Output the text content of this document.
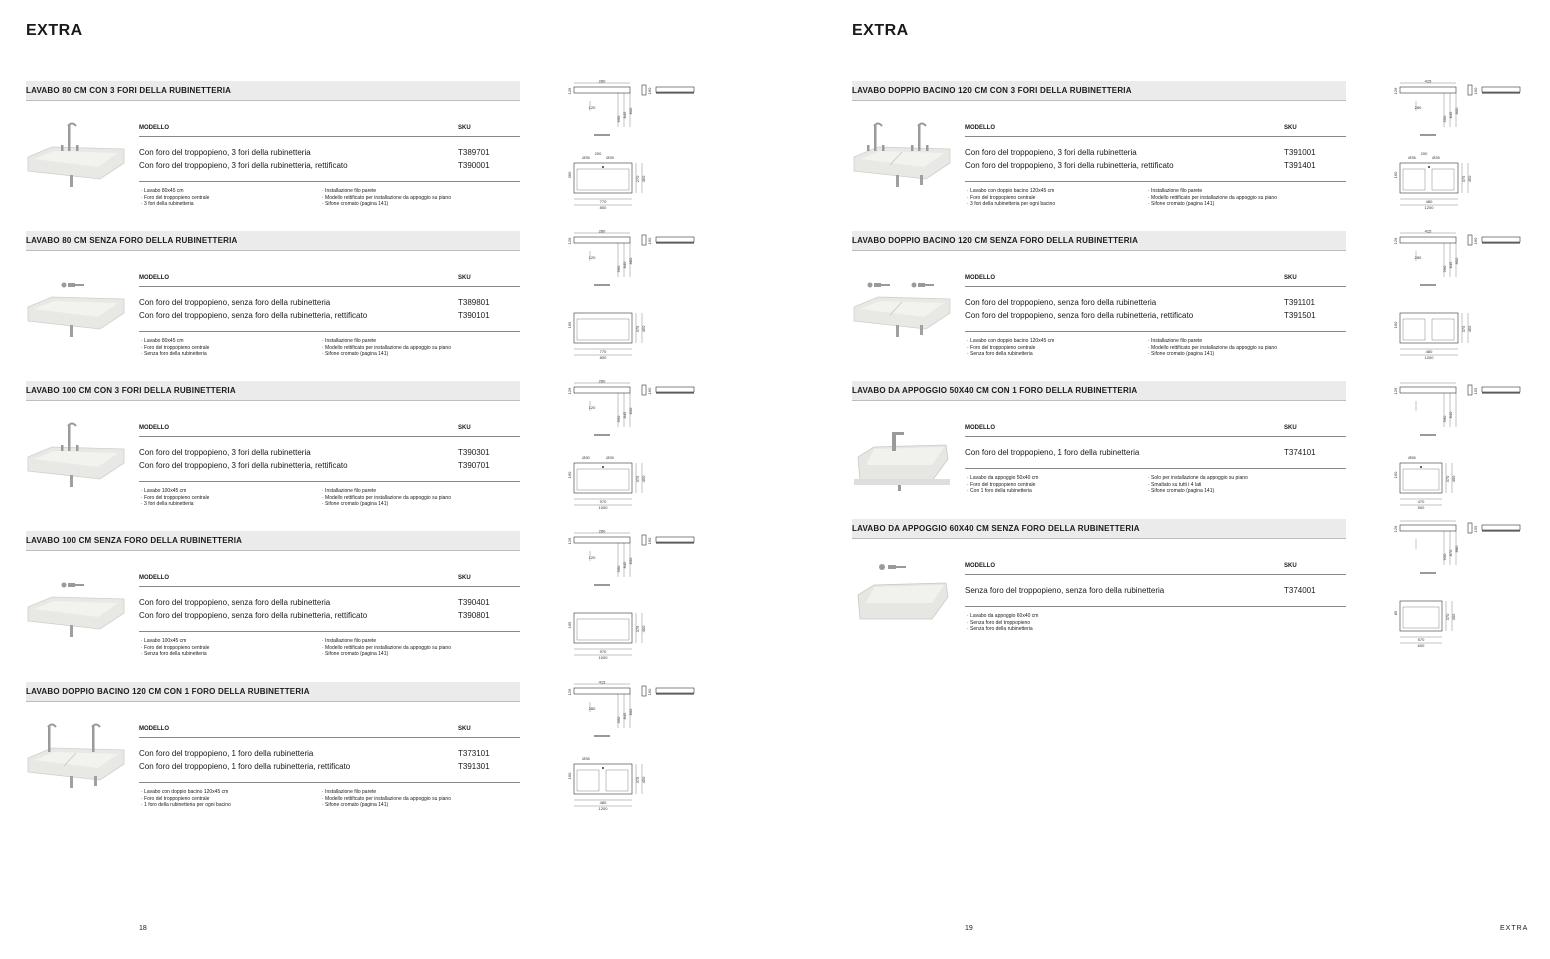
EXTRA
18
LAVABO 80 CM CON 3 FORI DELLA RUBINETTERIA
MODELLO	SKU
Con foro del troppopieno, 3 fori della rubinetteria	T389701
Con foro del troppopieno, 3 fori della rubinetteria, rettificato	T390001
· Lavabo 80x45 cm
· Foro del troppopieno centrale
· 3 fori della rubinetteria
· Installazione filo parete
· Modello rettificato per installazione da appoggio su piano
· Sifone cromato (pagina 141)
280
126
120
690
845
800
160
Ø35	Ø39
200
770
800
270 450
360
LAVABO 80 CM SENZA FORO DELLA RUBINETTERIA
MODELLO	SKU
Con foro del troppopieno, senza foro della rubinetteria	T389801
Con foro del troppopieno, senza foro della rubinetteria, rettificato	T390101
· Lavabo 80x45 cm
· Foro del troppopieno centrale
· Senza foro della rubinetteria
· Installazione filo parete
· Modello rettificato per installazione da appoggio su piano
· Sifone cromato (pagina 141)
280
126
120
590
840
880
160
770
800
375 450
165
LAVABO 100 CM CON 3 FORI DELLA RUBINETTERIA
MODELLO	SKU
Con foro del troppopieno, 3 fori della rubinetteria	T390301
Con foro del troppopieno, 3 fori della rubinetteria, rettificato	T390701
· Lavabo 100x45 cm
· Foro del troppopieno centrale
· 3 fori della rubinetteria
· Installazione filo parete
· Modello rettificato per installazione da appoggio su piano
· Sifone cromato (pagina 141)
280
126
120
590
845
830
160
Ø30	Ø39
970
1000
375 450
160
LAVABO 100 CM SENZA FORO DELLA RUBINETTERIA
MODELLO	SKU
Con foro del troppopieno, senza foro della rubinetteria	T390401
Con foro del troppopieno, senza foro della rubinetteria, rettificato	T390801
· Lavabo 100x45 cm
· Foro del troppopieno centrale
· Senza foro della rubinetteria
· Installazione filo parete
· Modello rettificato per installazione da appoggio su piano
· Sifone cromato (pagina 141)
280
126
120
590
845
830
160
970
1000
375 450
165
LAVABO DOPPIO BACINO 120 CM CON 1 FORO DELLA RUBINETTERIA
MODELLO	SKU
Con foro del troppopieno, 1 foro della rubinetteria	T373101
Con foro del troppopieno, 1 foro della rubinetteria, rettificato	T391301
· Lavabo con doppio bacino 120x45 cm
· Foro del troppopieno centrale
· 1 foro della rubinetteria per ogni bacino
· Installazione filo parete
· Modello rettificato per installazione da appoggio su piano
· Sifone cromato (pagina 141)
415
126
280
590
845
800
160
Ø35
480
1200
375 450
160
EXTRA
19	EXTRA
LAVABO DOPPIO BACINO 120 CM CON 3 FORI DELLA RUBINETTERIA
MODELLO	SKU
Con foro del troppopieno, 3 fori della rubinetteria	T391001
Con foro del troppopieno, 3 fori della rubinetteria, rettificato	T391401
· Lavabo con doppio bacino 120x45 cm
· Foro del troppopieno centrale
· 3 fori della rubinetteria per ogni bacino
· Installazione filo parete
· Modello rettificato per installazione da appoggio su piano
· Sifone cromato (pagina 141)
415
126
280
590
845
800
160
Ø35	Ø39
200
480
1200
375 450
160
LAVABO DOPPIO BACINO 120 CM SENZA FORO DELLA RUBINETTERIA
MODELLO	SKU
Con foro del troppopieno, senza foro della rubinetteria	T391101
Con foro del troppopieno, senza foro della rubinetteria, rettificato	T391501
· Lavabo con doppio bacino 120x45 cm
· Foro del troppopieno centrale
· Senza foro della rubinetteria
· Installazione filo parete
· Modello rettificato per installazione da appoggio su piano
· Sifone cromato (pagina 141)
415
126
280
590
845
800
160
480
1200
375 450
160
LAVABO DA APPOGGIO 50X40 CM CON 1 FORO DELLA RUBINETTERIA
MODELLO	SKU
Con foro del troppopieno, 1 foro della rubinetteria	T374101
· Lavabo da appoggio 50x40 cm
· Foro del troppopieno centrale
· Con 1 foro della rubinetteria
· Solo per installazione da appoggio su piano
· Smaltato su tutti i 4 lati
· Sifone cromato (pagina 141)
126
590
840
155
Ø55
470
500
370 400
160
LAVABO DA APPOGGIO 60X40 CM SENZA FORO DELLA RUBINETTERIA
MODELLO	SKU
Senza foro del troppopieno, senza foro della rubinetteria	T374001
· Lavabo da appoggio 60x40 cm
· Senza foro del troppopieno
· Senza foro della rubinetteria
126
630
870
880
155
570
600
370 400
85
